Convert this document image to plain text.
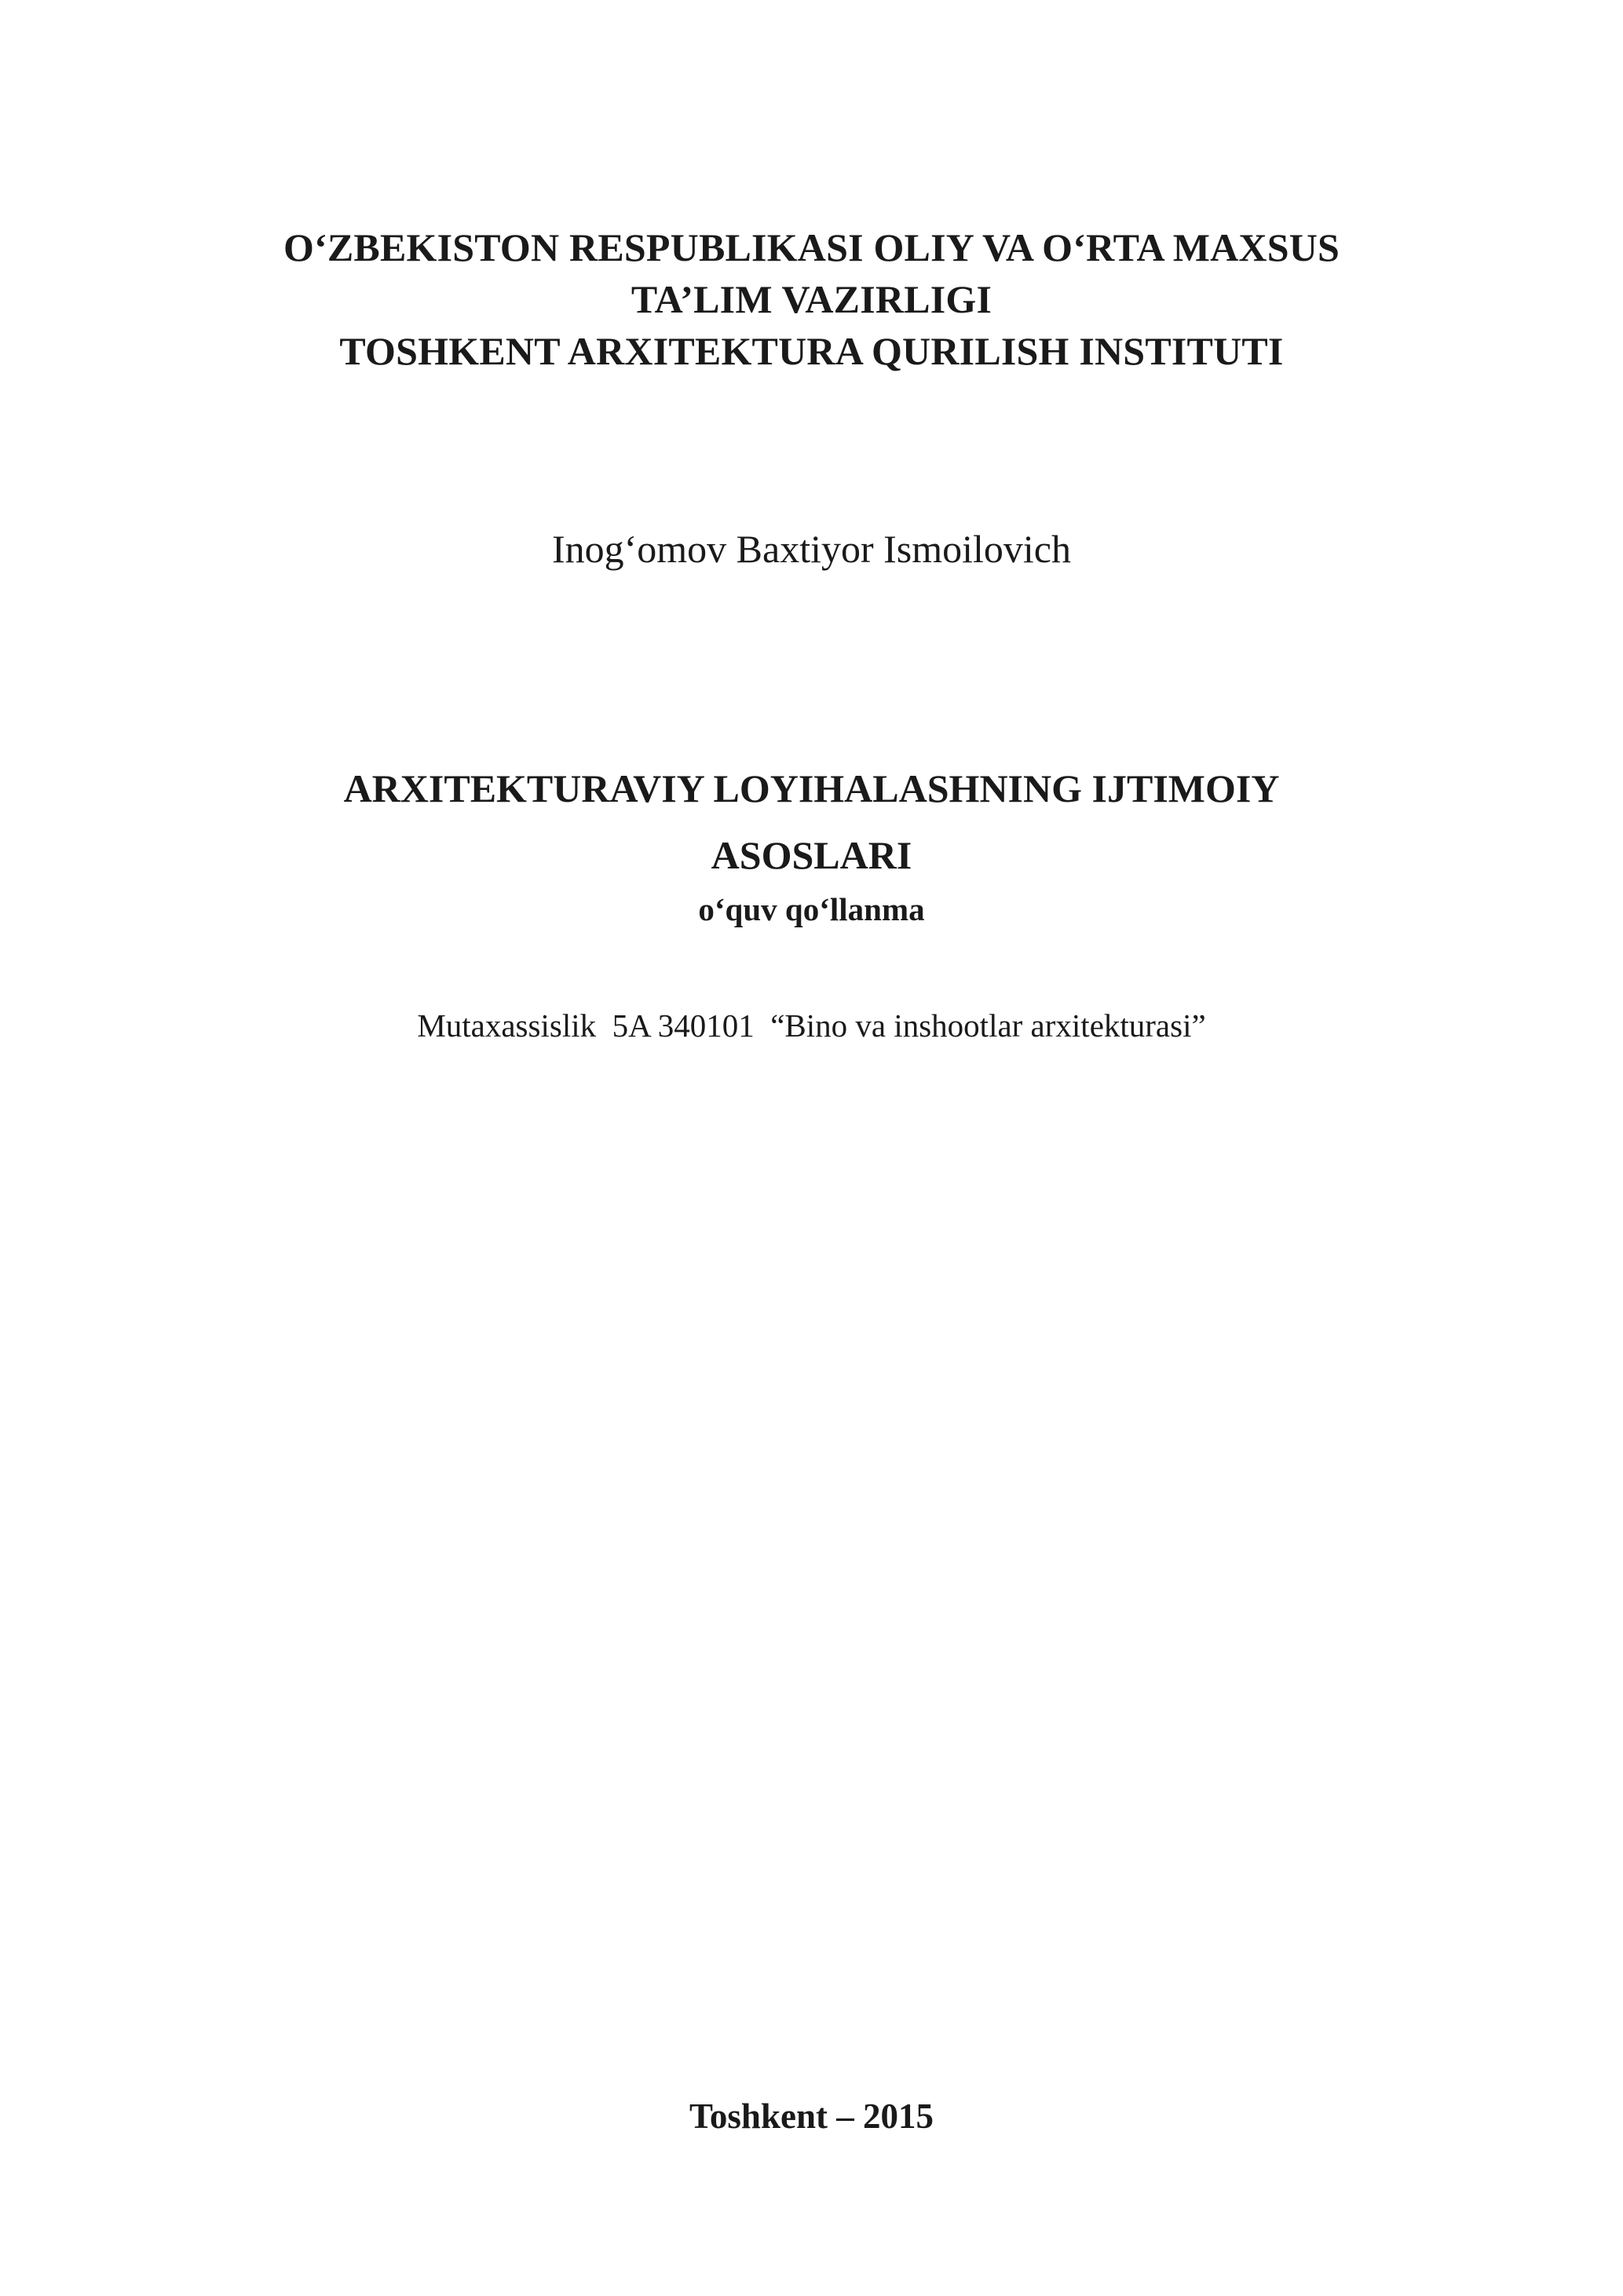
O‘ZBEKISTON RESPUBLIKASI OLIY VA O‘RTA MAXSUS
TA’LIM VAZIRLIGI
TOSHKENT ARXITEKTURA QURILISH INSTITUTI
Inog‘omov Baxtiyor Ismoilovich
ARXITEKTURAVIY LOYIHALASHNING IJTIMOIY
ASOSLARI
o‘quv qo‘llanma
Mutaxassislik  5A 340101  “Bino va inshootlar arxitekturasi”
Toshkent – 2015
